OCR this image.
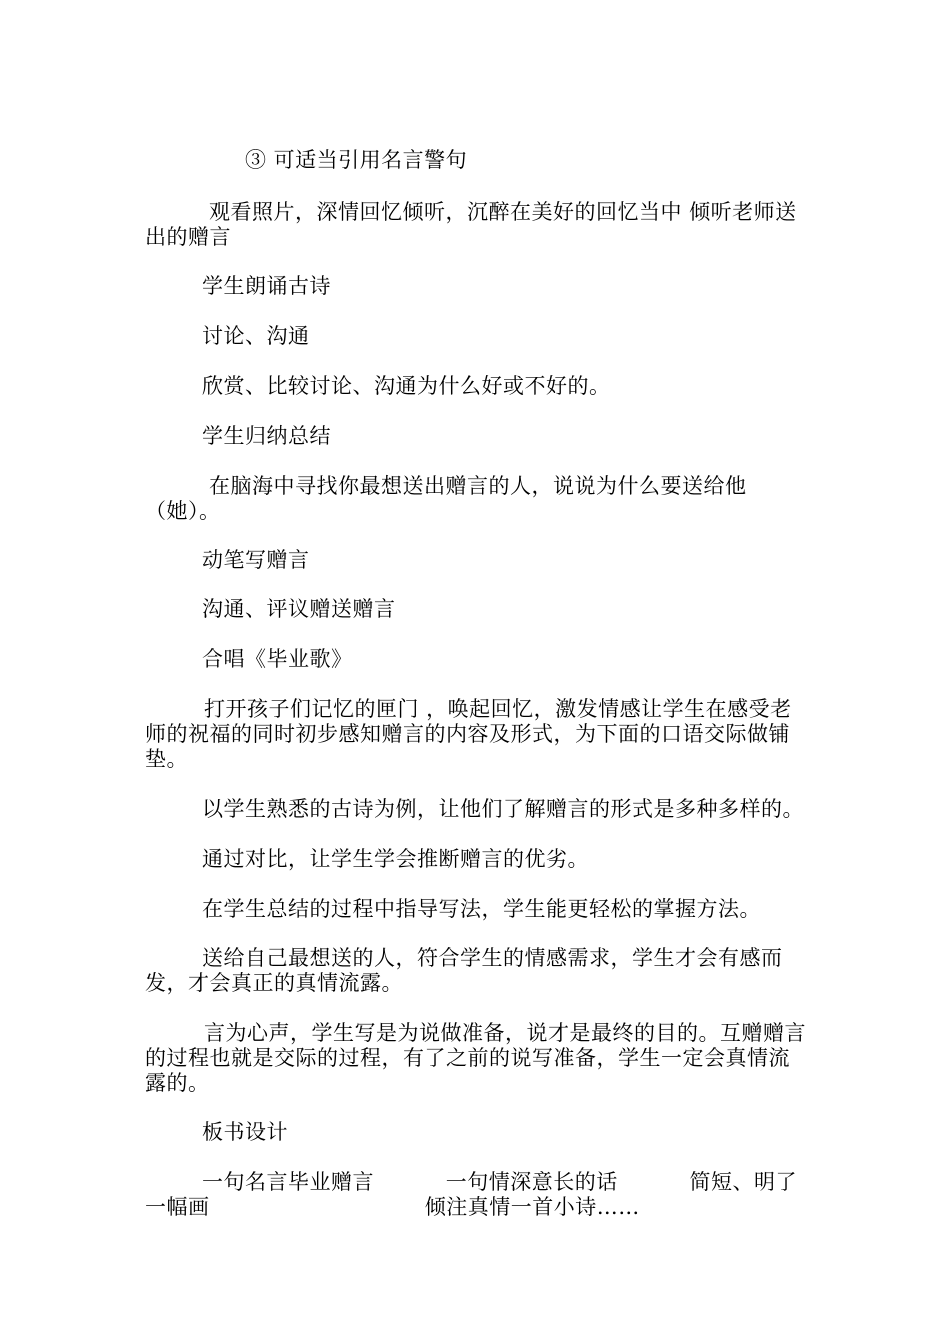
③ 可适当引用名言警句
观看照片，深情回忆倾听，沉醉在美好的回忆当中 倾听老师送出的赠言
学生朗诵古诗
讨论、沟通
欣赏、比较讨论、沟通为什么好或不好的。
学生归纳总结
在脑海中寻找你最想送出赠言的人，说说为什么要送给他（她）。
动笔写赠言
沟通、评议赠送赠言
合唱《毕业歌》
打开孩子们记忆的匣门 ，唤起回忆，激发情感让学生在感受老师的祝福的同时初步感知赠言的内容及形式，为下面的口语交际做铺垫。
以学生熟悉的古诗为例，让他们了解赠言的形式是多种多样的。
通过对比，让学生学会推断赠言的优劣。
在学生总结的过程中指导写法，学生能更轻松的掌握方法。
送给自己最想送的人，符合学生的情感需求，学生才会有感而发，才会真正的真情流露。
言为心声，学生写是为说做准备，说才是最终的目的。互赠赠言的过程也就是交际的过程，有了之前的说写准备，学生一定会真情流露的。
板书设计
一句名言毕业赠言          一句情深意长的话          简短、明了一幅画                              倾注真情一首小诗……
